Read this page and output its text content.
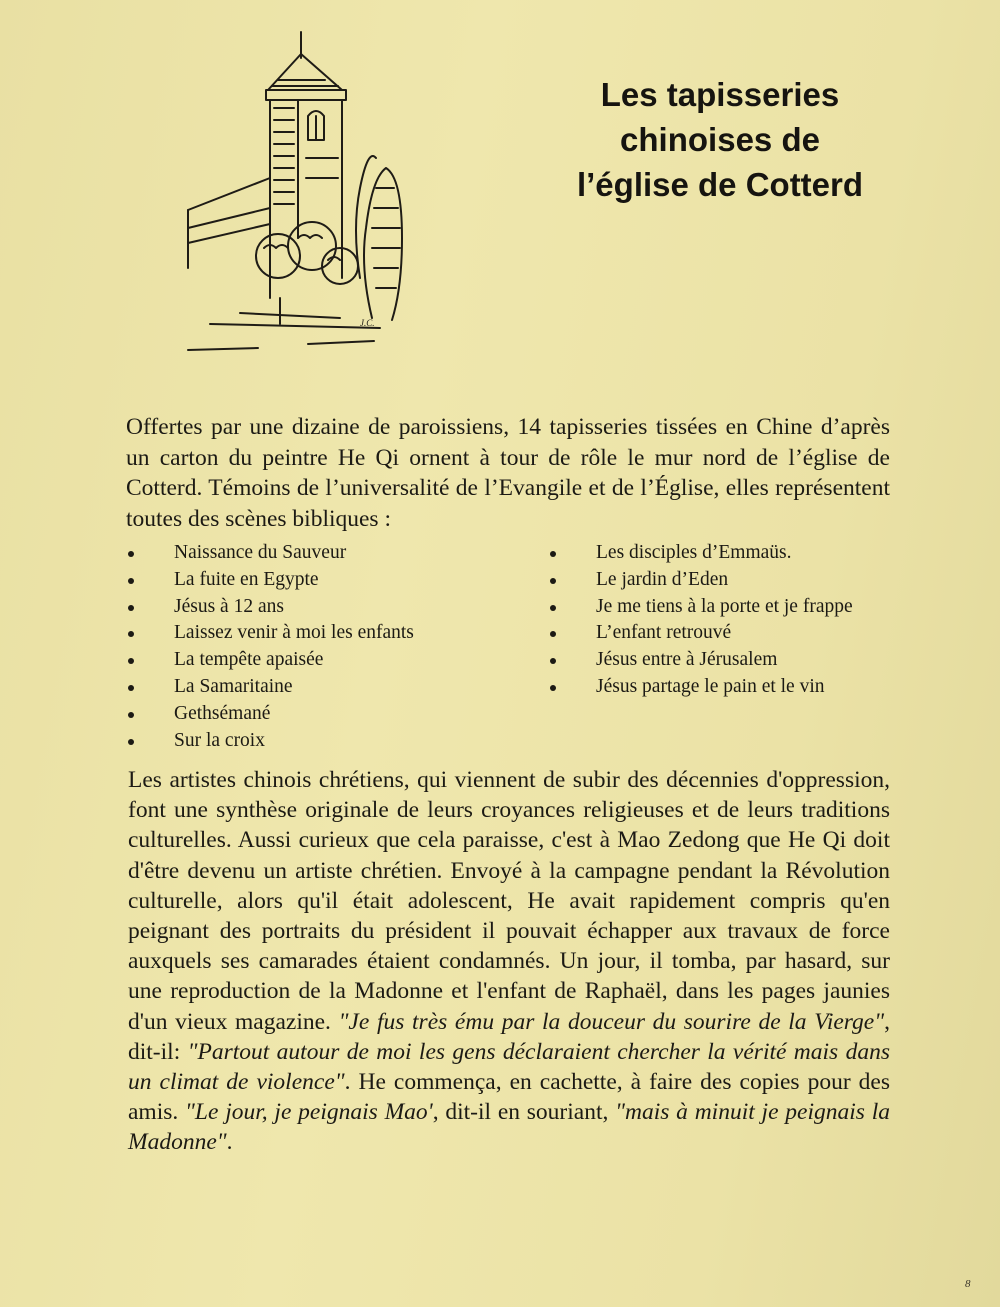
J.C.
Les tapisseries
chinoises de
l’église de Cotterd

Offertes par une dizaine de paroissiens, 14 tapisseries tissées en Chine d’après un carton du peintre He Qi ornent à tour de rôle le mur nord de l’église de Cotterd. Témoins de l’universalité de l’Evangile et de l’Église, elles représentent toutes des scènes bibliques :

Naissance du Sauveur
La fuite en Egypte
Jésus à 12 ans
Laissez venir à moi les enfants
La tempête apaisée
La Samaritaine
Gethsémané
Sur la croix
Les disciples d’Emmaüs.
Le jardin d’Eden
Je me tiens à la porte et je frappe
L’enfant retrouvé
Jésus entre à Jérusalem
Jésus partage le pain et le vin

Les artistes chinois chrétiens, qui viennent de subir des décennies d'oppression, font une synthèse originale de leurs croyances religieuses et de leurs traditions culturelles. Aussi curieux que cela paraisse, c'est à Mao Zedong que He Qi doit d'être devenu un artiste chrétien. Envoyé à la campagne pendant la Révolution culturelle, alors qu'il était adolescent, He avait rapidement compris qu'en peignant des portraits du président il pouvait échapper aux travaux de force auxquels ses camarades étaient condamnés. Un jour, il tomba, par hasard, sur une reproduction de la Madonne et l'enfant de Raphaël, dans les pages jaunies d'un vieux magazine. "Je fus très ému par la douceur du sourire de la Vierge", dit-il: "Partout autour de moi les gens déclaraient chercher la vérité mais dans un climat de violence". He commença, en cachette, à faire des copies pour des amis. "Le jour, je peignais Mao', dit-il en souriant, "mais à minuit je peignais la Madonne".

8
